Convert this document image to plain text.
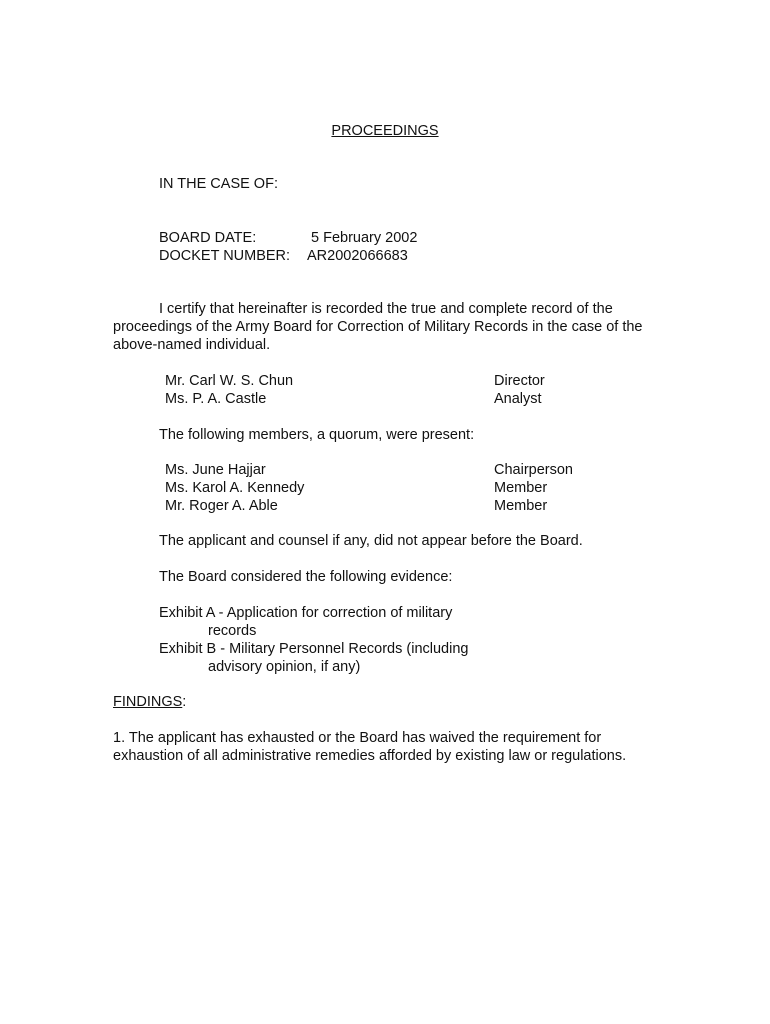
PROCEEDINGS
IN THE CASE OF:
BOARD DATE:	5 February 2002
DOCKET NUMBER: AR2002066683
I certify that hereinafter is recorded the true and complete record of the proceedings of the Army Board for Correction of Military Records in the case of the above-named individual.
Mr. Carl W. S. Chun	Director
Ms. P. A. Castle	Analyst
The following members, a quorum, were present:
Ms. June Hajjar	Chairperson
Ms. Karol A. Kennedy	Member
Mr. Roger A. Able	Member
The applicant and counsel if any, did not appear before the Board.
The Board considered the following evidence:
Exhibit A - Application for correction of military
records
Exhibit B - Military Personnel Records (including
advisory opinion, if any)
FINDINGS:
1. The applicant has exhausted or the Board has waived the requirement for exhaustion of all administrative remedies afforded by existing law or regulations.
